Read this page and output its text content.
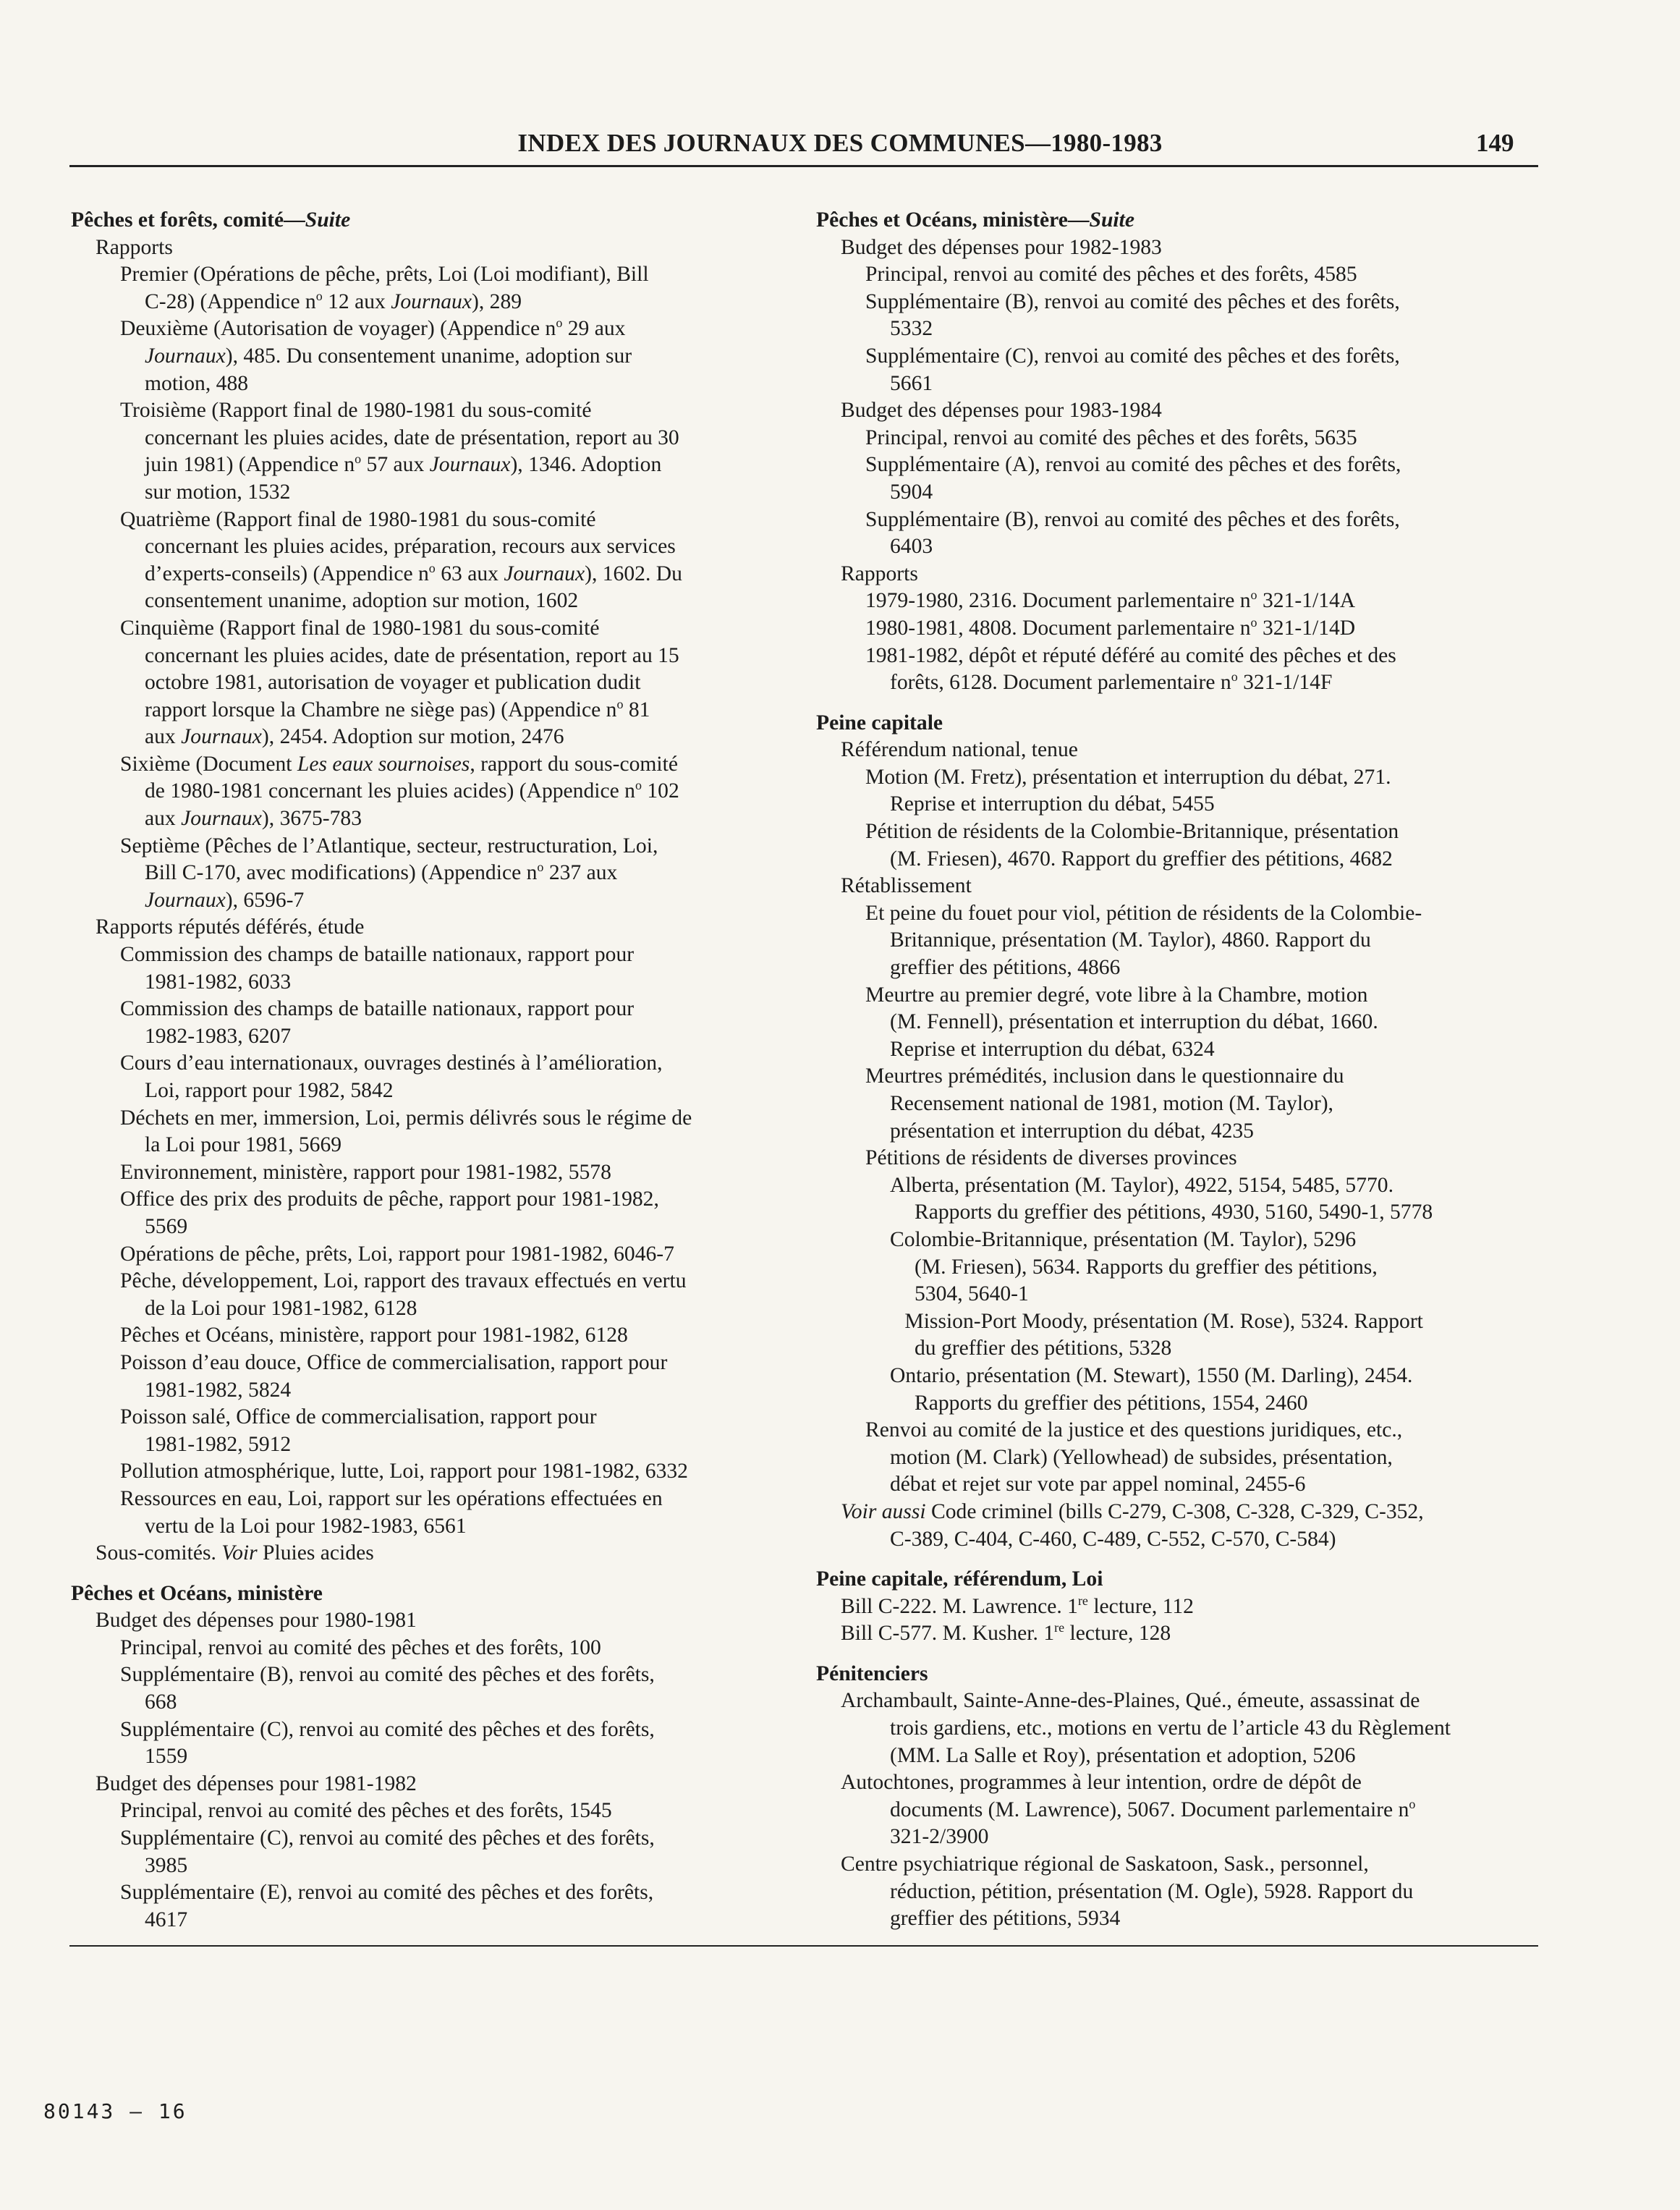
INDEX DES JOURNAUX DES COMMUNES—1980-1983	149
Pêches et forêts, comité—Suite
Rapports
Premier (Opérations de pêche, prêts, Loi (Loi modifiant), Bill
C-28) (Appendice $n^o$ 12 aux Journaux), 289
Deuxième (Autorisation de voyager) (Appendice $n^o$ 29 aux
Journaux), 485. Du consentement unanime, adoption sur
motion, 488
Troisième (Rapport final de 1980-1981 du sous-comité
concernant les pluies acides, date de présentation, report au 30
juin 1981) (Appendice $n^o$ 57 aux Journaux), 1346. Adoption
sur motion, 1532
Quatrième (Rapport final de 1980-1981 du sous-comité
concernant les pluies acides, préparation, recours aux services
d’experts-conseils) (Appendice $n^o$ 63 aux Journaux), 1602. Du
consentement unanime, adoption sur motion, 1602
Cinquième (Rapport final de 1980-1981 du sous-comité
concernant les pluies acides, date de présentation, report au 15
octobre 1981, autorisation de voyager et publication dudit
rapport lorsque la Chambre ne siège pas) (Appendice $n^o$ 81
aux Journaux), 2454. Adoption sur motion, 2476
Sixième (Document Les eaux sournoises, rapport du sous-comité
de 1980-1981 concernant les pluies acides) (Appendice $n^o$ 102
aux Journaux), 3675-783
Septième (Pêches de l’Atlantique, secteur, restructuration, Loi,
Bill C-170, avec modifications) (Appendice $n^o$ 237 aux
Journaux), 6596-7
Rapports réputés déférés, étude
Commission des champs de bataille nationaux, rapport pour
1981-1982, 6033
Commission des champs de bataille nationaux, rapport pour
1982-1983, 6207
Cours d’eau internationaux, ouvrages destinés à l’amélioration,
Loi, rapport pour 1982, 5842
Déchets en mer, immersion, Loi, permis délivrés sous le régime de
la Loi pour 1981, 5669
Environnement, ministère, rapport pour 1981-1982, 5578
Office des prix des produits de pêche, rapport pour 1981-1982,
5569
Opérations de pêche, prêts, Loi, rapport pour 1981-1982, 6046-7
Pêche, développement, Loi, rapport des travaux effectués en vertu
de la Loi pour 1981-1982, 6128
Pêches et Océans, ministère, rapport pour 1981-1982, 6128
Poisson d’eau douce, Office de commercialisation, rapport pour
1981-1982, 5824
Poisson salé, Office de commercialisation, rapport pour
1981-1982, 5912
Pollution atmosphérique, lutte, Loi, rapport pour 1981-1982, 6332
Ressources en eau, Loi, rapport sur les opérations effectuées en
vertu de la Loi pour 1982-1983, 6561
Sous-comités. Voir Pluies acides
Pêches et Océans, ministère
Budget des dépenses pour 1980-1981
Principal, renvoi au comité des pêches et des forêts, 100
Supplémentaire (B), renvoi au comité des pêches et des forêts,
668
Supplémentaire (C), renvoi au comité des pêches et des forêts,
1559
Budget des dépenses pour 1981-1982
Principal, renvoi au comité des pêches et des forêts, 1545
Supplémentaire (C), renvoi au comité des pêches et des forêts,
3985
Supplémentaire (E), renvoi au comité des pêches et des forêts,
4617
Pêches et Océans, ministère—Suite
Budget des dépenses pour 1982-1983
Principal, renvoi au comité des pêches et des forêts, 4585
Supplémentaire (B), renvoi au comité des pêches et des forêts,
5332
Supplémentaire (C), renvoi au comité des pêches et des forêts,
5661
Budget des dépenses pour 1983-1984
Principal, renvoi au comité des pêches et des forêts, 5635
Supplémentaire (A), renvoi au comité des pêches et des forêts,
5904
Supplémentaire (B), renvoi au comité des pêches et des forêts,
6403
Rapports
1979-1980, 2316. Document parlementaire $n^o$ 321-1/14A
1980-1981, 4808. Document parlementaire $n^o$ 321-1/14D
1981-1982, dépôt et réputé déféré au comité des pêches et des
forêts, 6128. Document parlementaire $n^o$ 321-1/14F
Peine capitale
Référendum national, tenue
Motion (M. Fretz), présentation et interruption du débat, 271.
Reprise et interruption du débat, 5455
Pétition de résidents de la Colombie-Britannique, présentation
(M. Friesen), 4670. Rapport du greffier des pétitions, 4682
Rétablissement
Et peine du fouet pour viol, pétition de résidents de la Colombie-
Britannique, présentation (M. Taylor), 4860. Rapport du
greffier des pétitions, 4866
Meurtre au premier degré, vote libre à la Chambre, motion
(M. Fennell), présentation et interruption du débat, 1660.
Reprise et interruption du débat, 6324
Meurtres prémédités, inclusion dans le questionnaire du
Recensement national de 1981, motion (M. Taylor),
présentation et interruption du débat, 4235
Pétitions de résidents de diverses provinces
Alberta, présentation (M. Taylor), 4922, 5154, 5485, 5770.
Rapports du greffier des pétitions, 4930, 5160, 5490-1, 5778
Colombie-Britannique, présentation (M. Taylor), 5296
(M. Friesen), 5634. Rapports du greffier des pétitions,
5304, 5640-1
Mission-Port Moody, présentation (M. Rose), 5324. Rapport
du greffier des pétitions, 5328
Ontario, présentation (M. Stewart), 1550 (M. Darling), 2454.
Rapports du greffier des pétitions, 1554, 2460
Renvoi au comité de la justice et des questions juridiques, etc.,
motion (M. Clark) (Yellowhead) de subsides, présentation,
débat et rejet sur vote par appel nominal, 2455-6
Voir aussi Code criminel (bills C-279, C-308, C-328, C-329, C-352,
C-389, C-404, C-460, C-489, C-552, C-570, C-584)
Peine capitale, référendum, Loi
Bill C-222. M. Lawrence. 1re lecture, 112
Bill C-577. M. Kusher. 1re lecture, 128
Pénitenciers
Archambault, Sainte-Anne-des-Plaines, Qué., émeute, assassinat de
trois gardiens, etc., motions en vertu de l’article 43 du Règlement
(MM. La Salle et Roy), présentation et adoption, 5206
Autochtones, programmes à leur intention, ordre de dépôt de
documents (M. Lawrence), 5067. Document parlementaire $n^o$
321-2/3900
Centre psychiatrique régional de Saskatoon, Sask., personnel,
réduction, pétition, présentation (M. Ogle), 5928. Rapport du
greffier des pétitions, 5934
80143 — 16
